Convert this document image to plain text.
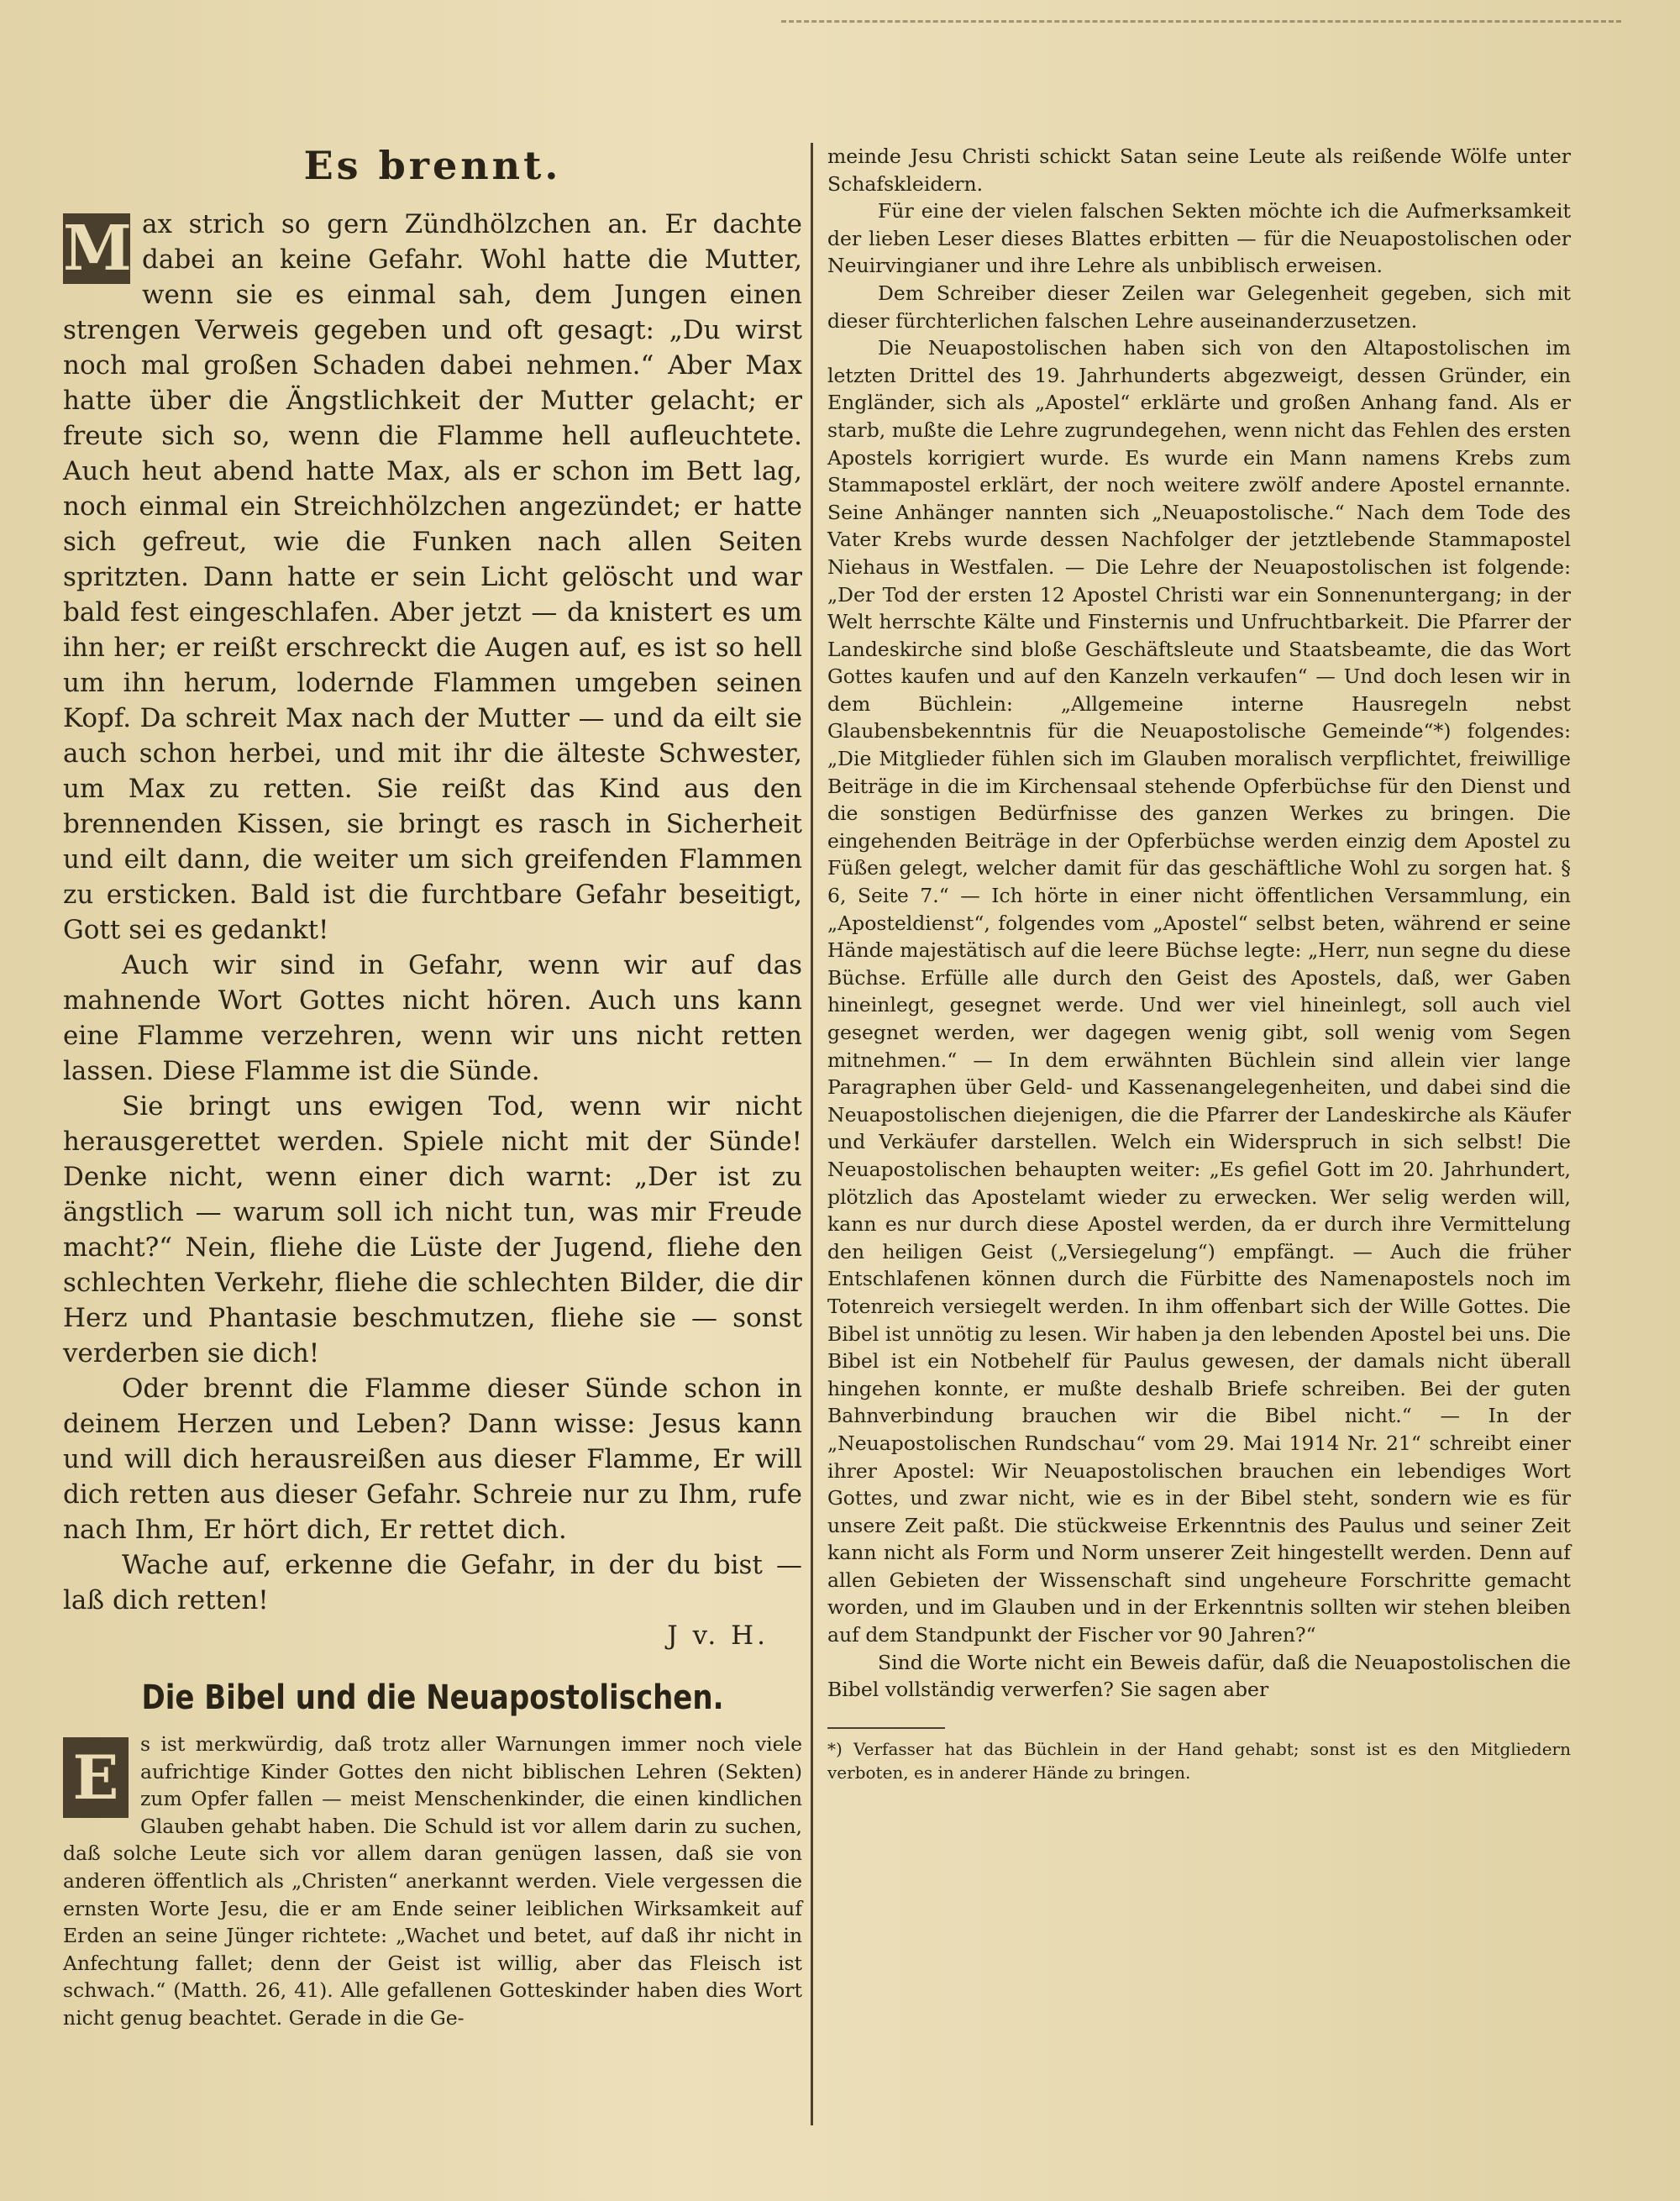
Es brennt.

M ax strich so gern Zündhölzchen an. Er dachte dabei an keine Gefahr. Wohl hatte die Mutter, wenn sie es einmal sah, dem Jungen einen strengen Verweis gegeben und oft gesagt: „Du wirst noch mal großen Schaden dabei nehmen.“ Aber Max hatte über die Ängstlichkeit der Mutter gelacht; er freute sich so, wenn die Flamme hell aufleuchtete. Auch heut abend hatte Max, als er schon im Bett lag, noch einmal ein Streichhölzchen angezündet; er hatte sich gefreut, wie die Funken nach allen Seiten spritzten. Dann hatte er sein Licht gelöscht und war bald fest eingeschlafen. Aber jetzt — da knistert es um ihn her; er reißt erschreckt die Augen auf, es ist so hell um ihn herum, lodernde Flammen umgeben seinen Kopf. Da schreit Max nach der Mutter — und da eilt sie auch schon herbei, und mit ihr die älteste Schwester, um Max zu retten. Sie reißt das Kind aus den brennenden Kissen, sie bringt es rasch in Sicherheit und eilt dann, die weiter um sich greifenden Flammen zu ersticken. Bald ist die furchtbare Gefahr beseitigt, Gott sei es gedankt!

Auch wir sind in Gefahr, wenn wir auf das mahnende Wort Gottes nicht hören. Auch uns kann eine Flamme verzehren, wenn wir uns nicht retten lassen. Diese Flamme ist die Sünde.

Sie bringt uns ewigen Tod, wenn wir nicht herausgerettet werden. Spiele nicht mit der Sünde! Denke nicht, wenn einer dich warnt: „Der ist zu ängstlich — warum soll ich nicht tun, was mir Freude macht?“ Nein, fliehe die Lüste der Jugend, fliehe den schlechten Verkehr, fliehe die schlechten Bilder, die dir Herz und Phantasie beschmutzen, fliehe sie — sonst verderben sie dich!

Oder brennt die Flamme dieser Sünde schon in deinem Herzen und Leben? Dann wisse: Jesus kann und will dich herausreißen aus dieser Flamme, Er will dich retten aus dieser Gefahr. Schreie nur zu Ihm, rufe nach Ihm, Er hört dich, Er rettet dich.

Wache auf, erkenne die Gefahr, in der du bist — laß dich retten!

J v. H.
Die Bibel und die Neuapostolischen.

E	s ist merkwürdig, daß trotz aller Warnungen immer noch viele aufrichtige Kinder Gottes den nicht biblischen Lehren (Sekten) zum Opfer fallen — meist Menschenkinder, die einen kindlichen Glauben gehabt haben. Die Schuld ist vor allem darin zu suchen, daß solche Leute sich vor allem daran genügen lassen, daß sie von anderen öffentlich als „Christen“ anerkannt werden. Viele vergessen die ernsten Worte Jesu, die er am Ende seiner leiblichen Wirksamkeit auf Erden an seine Jünger richtete: „Wachet und betet, auf daß ihr nicht in Anfechtung fallet; denn der Geist ist willig, aber das Fleisch ist schwach.“ (Matth. 26, 41). Alle gefallenen Gotteskinder haben dies Wort nicht genug beachtet. Gerade in die Ge-

meinde Jesu Christi schickt Satan seine Leute als reißende Wölfe unter Schafskleidern.

Für eine der vielen falschen Sekten möchte ich die Aufmerksamkeit der lieben Leser dieses Blattes erbitten — für die Neuapostolischen oder Neuirvingianer und ihre Lehre als unbiblisch erweisen.

Dem Schreiber dieser Zeilen war Gelegenheit gegeben, sich mit dieser fürchterlichen falschen Lehre auseinanderzusetzen.

Die Neuapostolischen haben sich von den Altapostolischen im letzten Drittel des 19. Jahrhunderts abgezweigt, dessen Gründer, ein Engländer, sich als „Apostel“ erklärte und großen Anhang fand. Als er starb, mußte die Lehre zugrundegehen, wenn nicht das Fehlen des ersten Apostels korrigiert wurde. Es wurde ein Mann namens Krebs zum Stammapostel erklärt, der noch weitere zwölf andere Apostel ernannte. Seine Anhänger nannten sich „Neuapostolische.“ Nach dem Tode des Vater Krebs wurde dessen Nachfolger der jetztlebende Stammapostel Niehaus in Westfalen. — Die Lehre der Neuapostolischen ist folgende: „Der Tod der ersten 12 Apostel Christi war ein Sonnenuntergang; in der Welt herrschte Kälte und Finsternis und Unfruchtbarkeit. Die Pfarrer der Landeskirche sind bloße Geschäftsleute und Staatsbeamte, die das Wort Gottes kaufen und auf den Kanzeln verkaufen“ — Und doch lesen wir in dem Büchlein: „Allgemeine interne Hausregeln nebst Glaubensbekenntnis für die Neuapostolische Gemeinde“*) folgendes: „Die Mitglieder fühlen sich im Glauben moralisch verpflichtet, freiwillige Beiträge in die im Kirchensaal stehende Opferbüchse für den Dienst und die sonstigen Bedürfnisse des ganzen Werkes zu bringen. Die eingehenden Beiträge in der Opferbüchse werden einzig dem Apostel zu Füßen gelegt, welcher damit für das geschäftliche Wohl zu sorgen hat. § 6, Seite 7.“ — Ich hörte in einer nicht öffentlichen Versammlung, ein „Aposteldienst“, folgendes vom „Apostel“ selbst beten, während er seine Hände majestätisch auf die leere Büchse legte: „Herr, nun segne du diese Büchse. Erfülle alle durch den Geist des Apostels, daß, wer Gaben hineinlegt, gesegnet werde. Und wer viel hineinlegt, soll auch viel gesegnet werden, wer dagegen wenig gibt, soll wenig vom Segen mitnehmen.“ — In dem erwähnten Büchlein sind allein vier lange Paragraphen über Geld- und Kassenangelegenheiten, und dabei sind die Neuapostolischen diejenigen, die die Pfarrer der Landeskirche als Käufer und Verkäufer darstellen. Welch ein Widerspruch in sich selbst! Die Neuapostolischen behaupten weiter: „Es gefiel Gott im 20. Jahrhundert, plötzlich das Apostelamt wieder zu erwecken. Wer selig werden will, kann es nur durch diese Apostel werden, da er durch ihre Vermittelung den heiligen Geist („Versiegelung“) empfängt. — Auch die früher Entschlafenen können durch die Fürbitte des Namenapostels noch im Totenreich versiegelt werden. In ihm offenbart sich der Wille Gottes. Die Bibel ist unnötig zu lesen. Wir haben ja den lebenden Apostel bei uns. Die Bibel ist ein Notbehelf für Paulus gewesen, der damals nicht überall hingehen konnte, er mußte deshalb Briefe schreiben. Bei der guten Bahnverbindung brauchen wir die Bibel nicht.“ — In der „Neuapostolischen Rundschau“ vom 29. Mai 1914 Nr. 21“ schreibt einer ihrer Apostel: Wir Neuapostolischen brauchen ein lebendiges Wort Gottes, und zwar nicht, wie es in der Bibel steht, sondern wie es für unsere Zeit paßt. Die stückweise Erkenntnis des Paulus und seiner Zeit kann nicht als Form und Norm unserer Zeit hingestellt werden. Denn auf allen Gebieten der Wissenschaft sind ungeheure Forschritte gemacht worden, und im Glauben und in der Erkenntnis sollten wir stehen bleiben auf dem Standpunkt der Fischer vor 90 Jahren?“

Sind die Worte nicht ein Beweis dafür, daß die Neuapostolischen die Bibel vollständig verwerfen? Sie sagen aber

*) Verfasser hat das Büchlein in der Hand gehabt; sonst ist es den Mitgliedern verboten, es in anderer Hände zu bringen.
